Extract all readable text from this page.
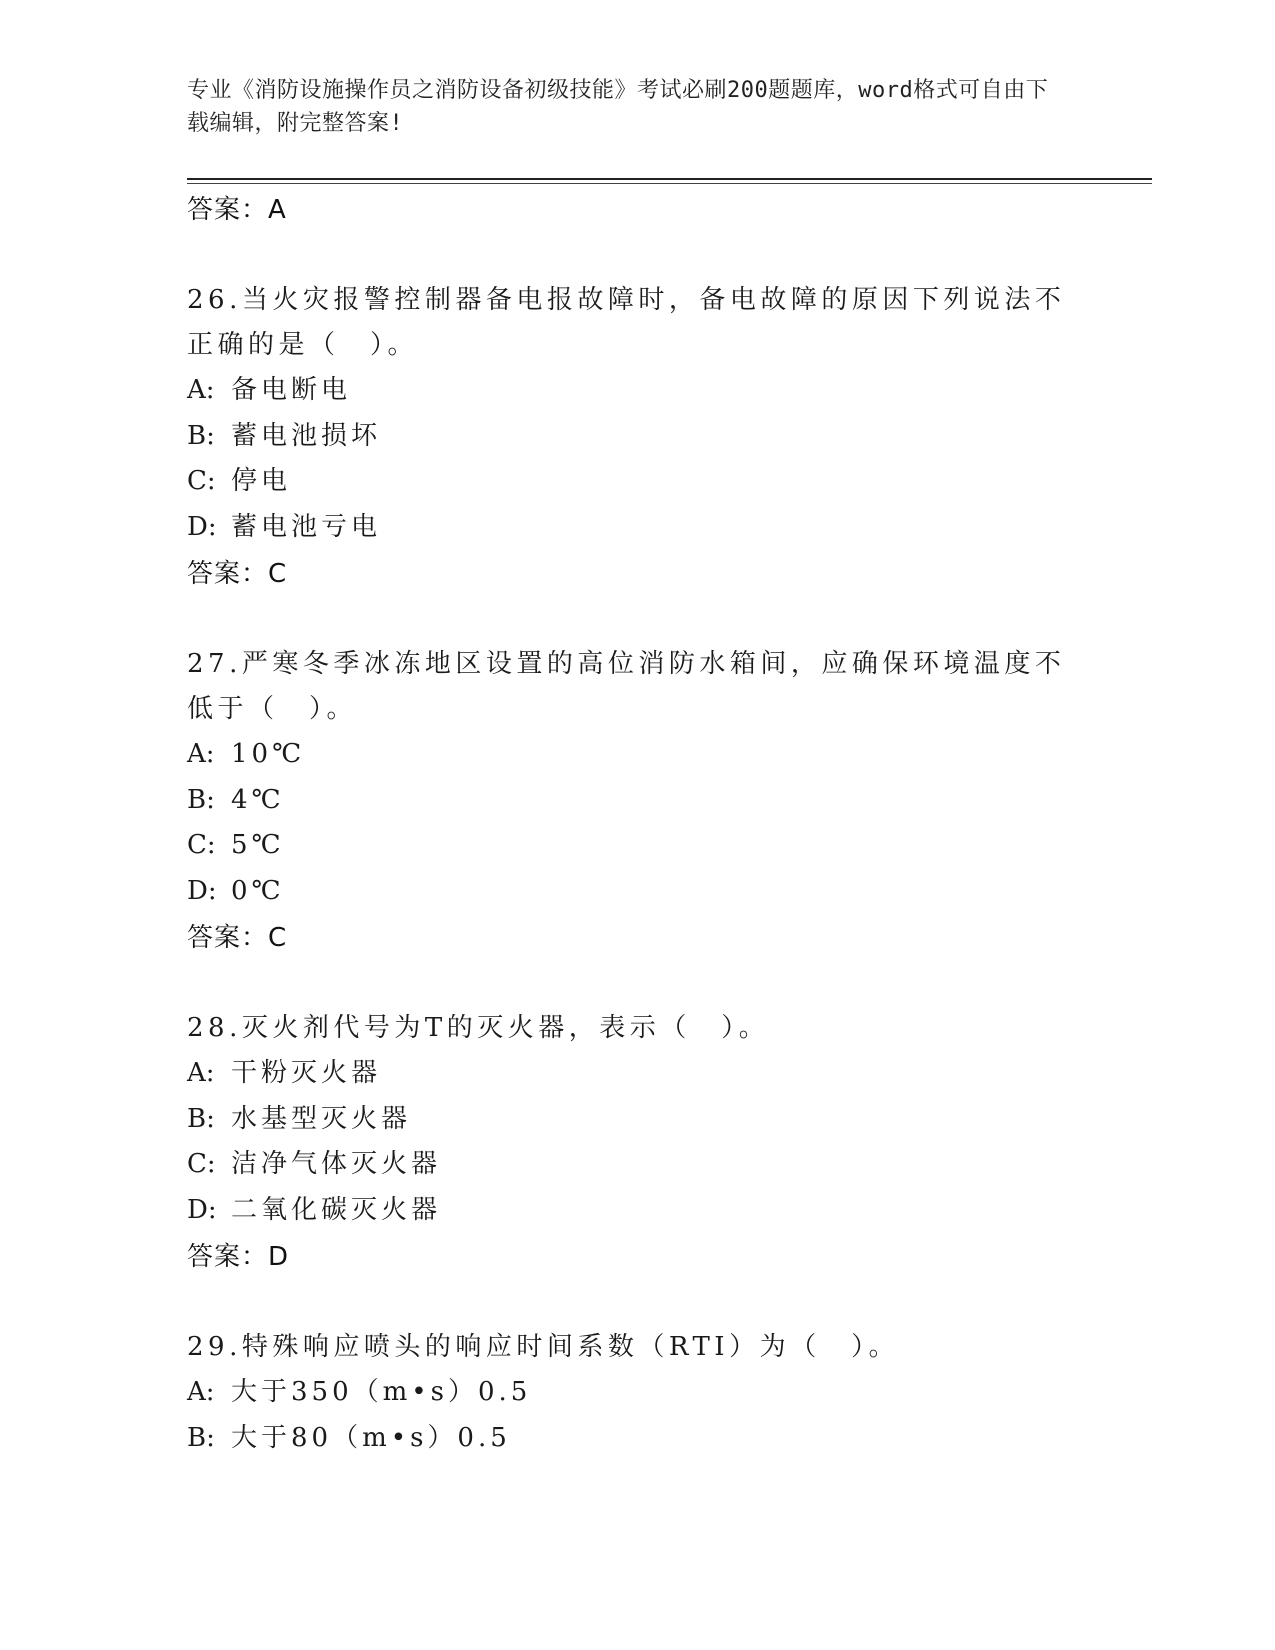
专业《消防设施操作员之消防设备初级技能》考试必刷200题题库，word格式可自由下载编辑，附完整答案!
答案：A
26.当火灾报警控制器备电报故障时，备电故障的原因下列说法不正确的是（　）。
A: 备电断电
B: 蓄电池损坏
C: 停电
D: 蓄电池亏电
答案：C
27.严寒冬季冰冻地区设置的高位消防水箱间，应确保环境温度不低于（　）。
A: 10℃
B: 4℃
C: 5℃
D: 0℃
答案：C
28.灭火剂代号为T的灭火器，表示（　）。
A: 干粉灭火器
B: 水基型灭火器
C: 洁净气体灭火器
D: 二氧化碳灭火器
答案：D
29.特殊响应喷头的响应时间系数（RTI）为（　）。
A: 大于350（m•s）0.5
B: 大于80（m•s）0.5
